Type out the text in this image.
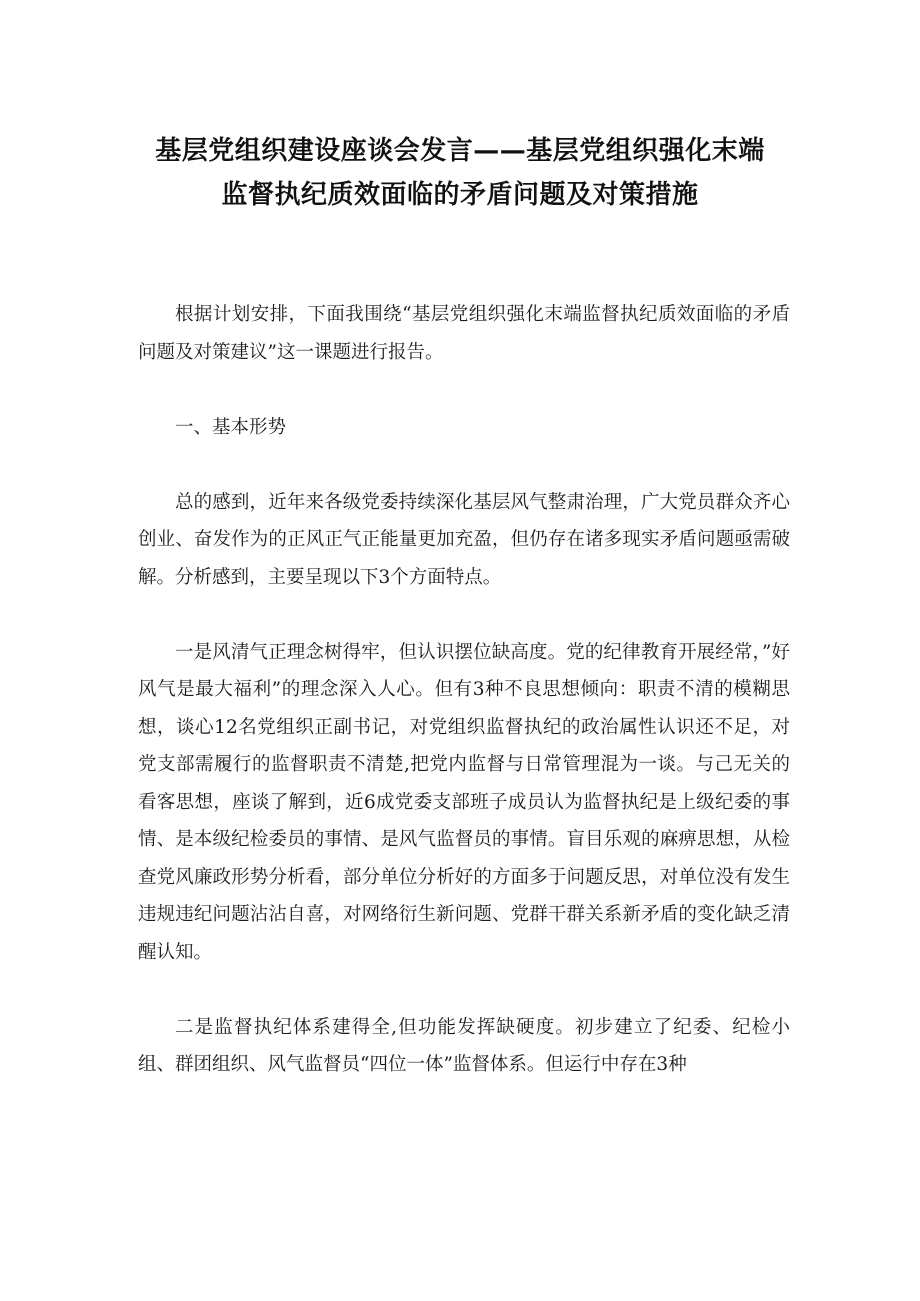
基层党组织建设座谈会发言——基层党组织强化末端
监督执纪质效面临的矛盾问题及对策措施

根据计划安排，下面我围绕“基层党组织强化末端监督执纪质效面临的矛盾问题及对策建议”这一课题进行报告。

一、基本形势

总的感到，近年来各级党委持续深化基层风气整肃治理，广大党员群众齐心创业、奋发作为的正风正气正能量更加充盈，但仍存在诸多现实矛盾问题亟需破解。分析感到，主要呈现以下3个方面特点。

一是风清气正理念树得牢，但认识摆位缺高度。党的纪律教育开展经常，”好风气是最大福利”的理念深入人心。但有3种不良思想倾向：职责不清的模糊思想，谈心12名党组织正副书记，对党组织监督执纪的政治属性认识还不足，对党支部需履行的监督职责不清楚,把党内监督与日常管理混为一谈。与己无关的看客思想，座谈了解到，近6成党委支部班子成员认为监督执纪是上级纪委的事情、是本级纪检委员的事情、是风气监督员的事情。盲目乐观的麻痹思想，从检查党风廉政形势分析看，部分单位分析好的方面多于问题反思，对单位没有发生违规违纪问题沾沾自喜，对网络衍生新问题、党群干群关系新矛盾的变化缺乏清醒认知。

二是监督执纪体系建得全,但功能发挥缺硬度。初步建立了纪委、纪检小组、群团组织、风气监督员“四位一体”监督体系。但运行中存在3种
